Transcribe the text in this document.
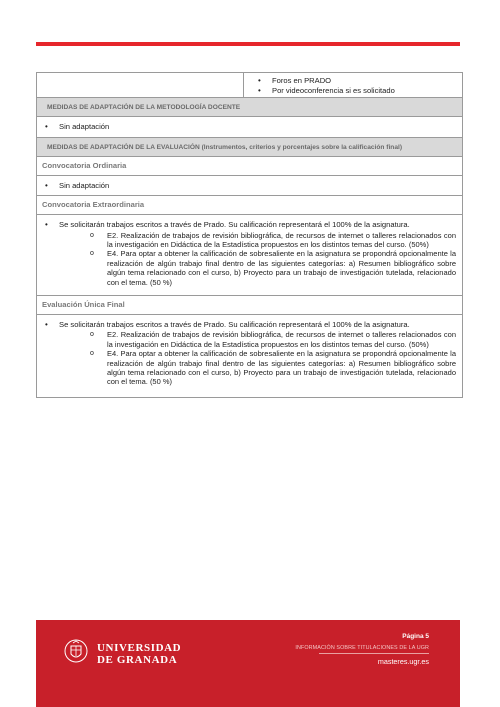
• Foros en PRADO
• Por videoconferencia si es solicitado
MEDIDAS DE ADAPTACIÓN DE LA METODOLOGÍA DOCENTE
• Sin adaptación
MEDIDAS DE ADAPTACIÓN DE LA EVALUACIÓN (Instrumentos, criterios y porcentajes sobre la calificación final)
Convocatoria Ordinaria
• Sin adaptación
Convocatoria Extraordinaria
• Se solicitarán trabajos escritos a través de Prado. Su calificación representará el 100% de la asignatura.
o E2. Realización de trabajos de revisión bibliográfica, de recursos de internet o talleres relacionados con la investigación en Didáctica de la Estadística propuestos en los distintos temas del curso. (50%)
o E4. Para optar a obtener la calificación de sobresaliente en la asignatura se propondrá opcionalmente la realización de algún trabajo final dentro de las siguientes categorías: a) Resumen bibliográfico sobre algún tema relacionado con el curso, b) Proyecto para un trabajo de investigación tutelada, relacionado con el tema. (50 %)
Evaluación Única Final
• Se solicitarán trabajos escritos a través de Prado. Su calificación representará el 100% de la asignatura.
o E2. Realización de trabajos de revisión bibliográfica, de recursos de internet o talleres relacionados con la investigación en Didáctica de la Estadística propuestos en los distintos temas del curso. (50%)
o E4. Para optar a obtener la calificación de sobresaliente en la asignatura se propondrá opcionalmente la realización de algún trabajo final dentro de las siguientes categorías: a) Resumen bibliográfico sobre algún tema relacionado con el curso, b) Proyecto para un trabajo de investigación tutelada, relacionado con el tema. (50 %)
UNIVERSIDAD
DE GRANADA
Página 5
INFORMACIÓN SOBRE TITULACIONES DE LA UGR
masteres.ugr.es
